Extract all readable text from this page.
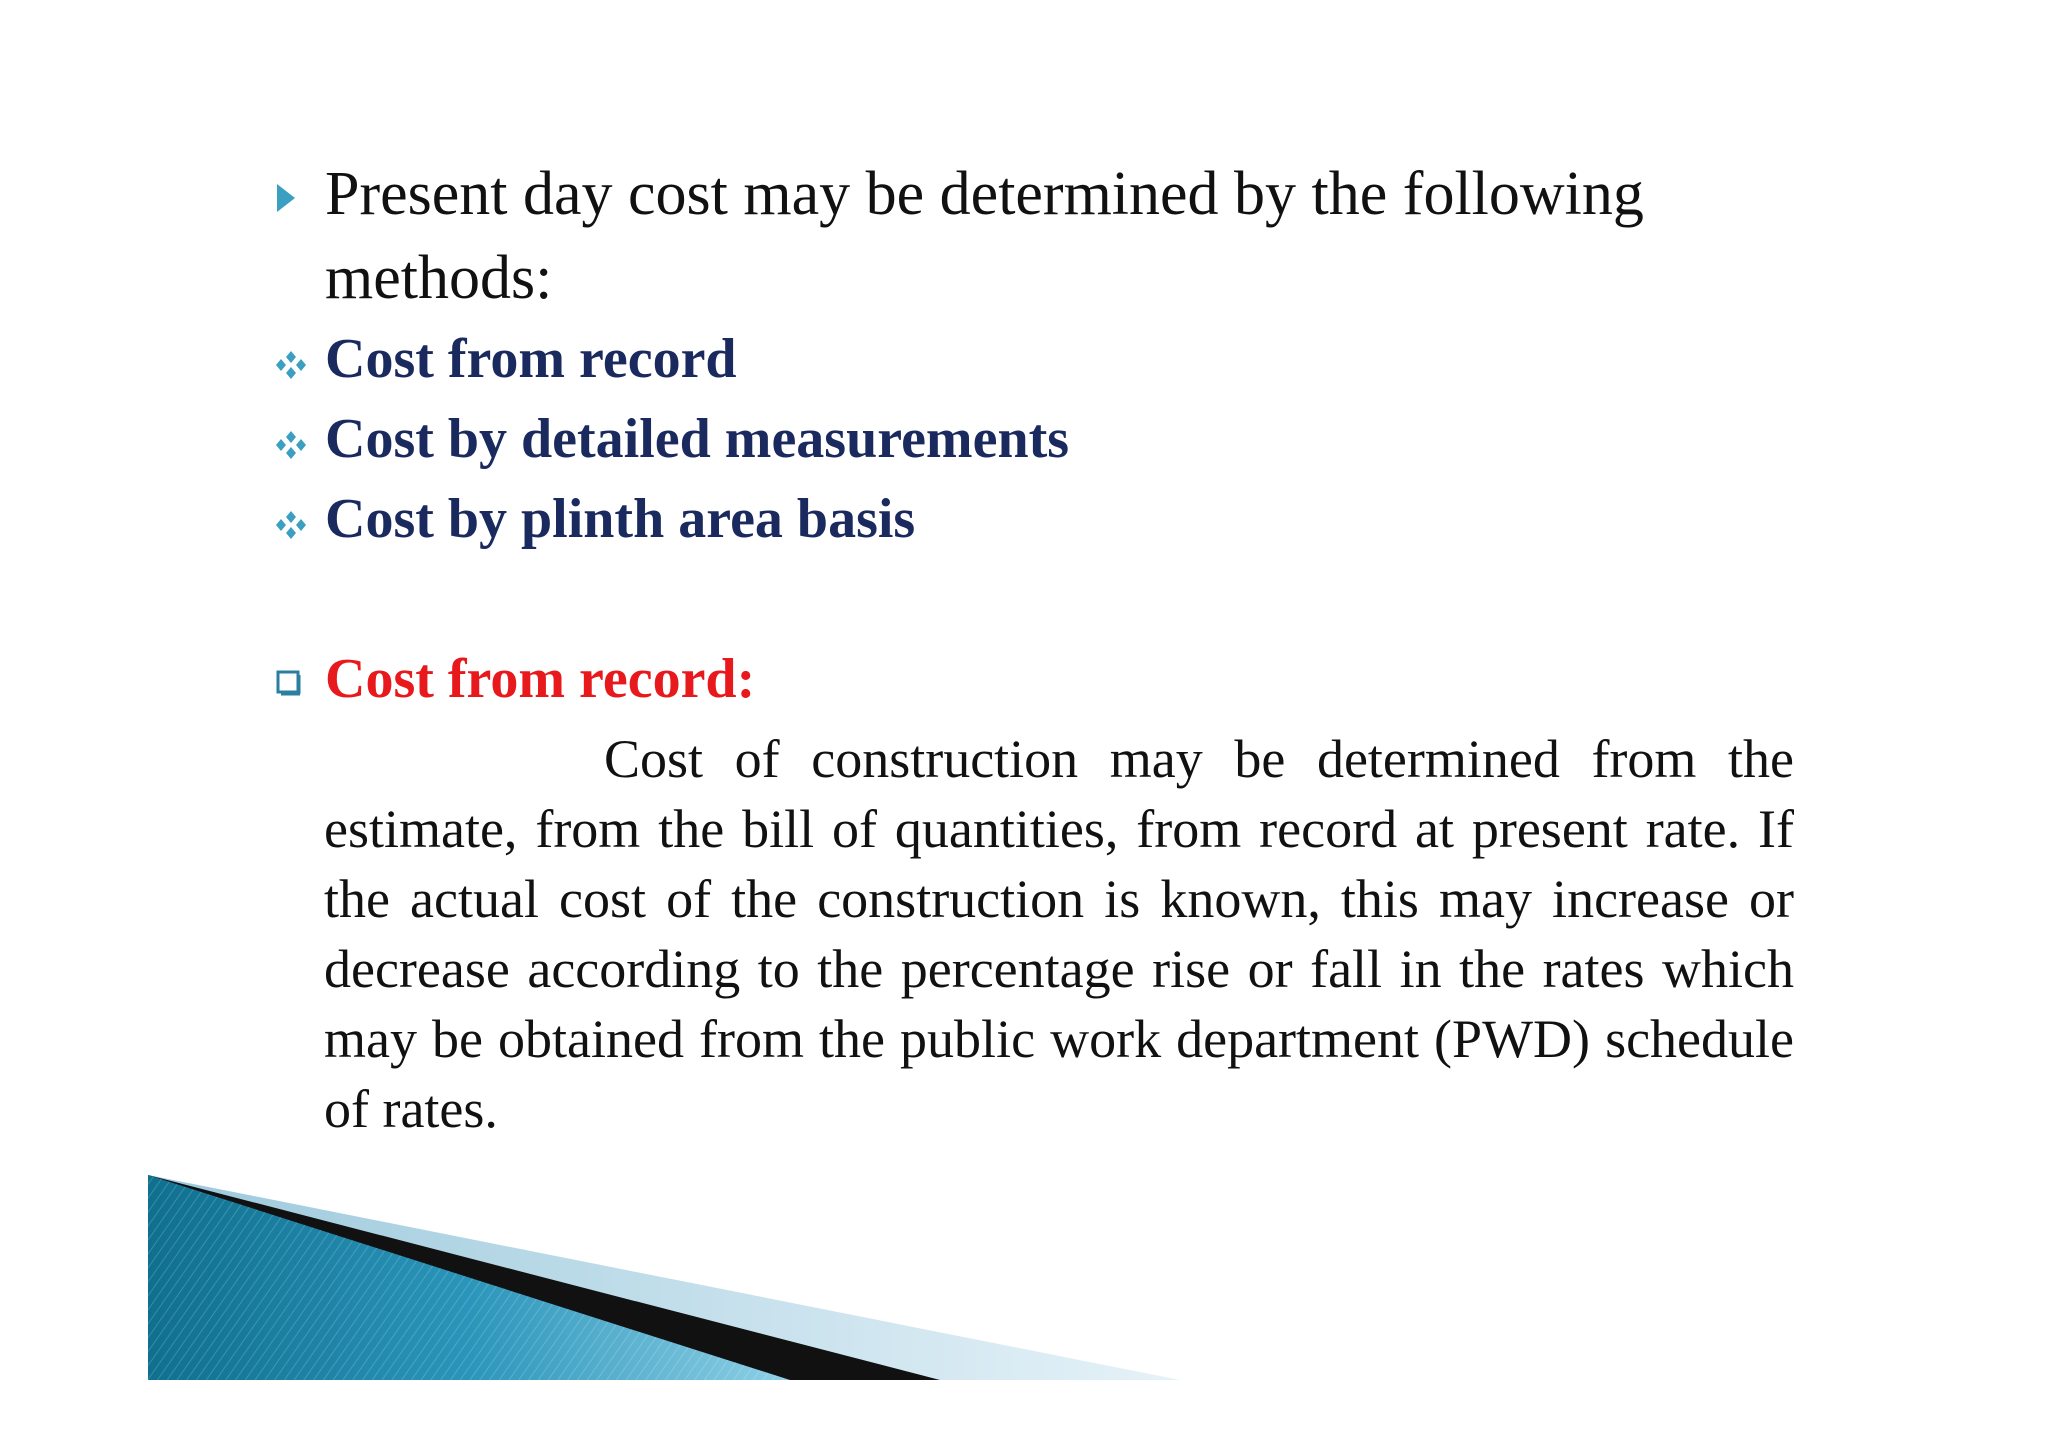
Present day cost may be determined by the following methods:
Cost from record
Cost by detailed measurements
Cost by plinth area basis
Cost from record:
Cost of construction may be determined from the estimate, from the bill of quantities, from record at present rate. If the actual cost of the construction is known, this may increase or decrease according to the percentage rise or fall in the rates which may be obtained from the public work department (PWD) schedule of rates.
